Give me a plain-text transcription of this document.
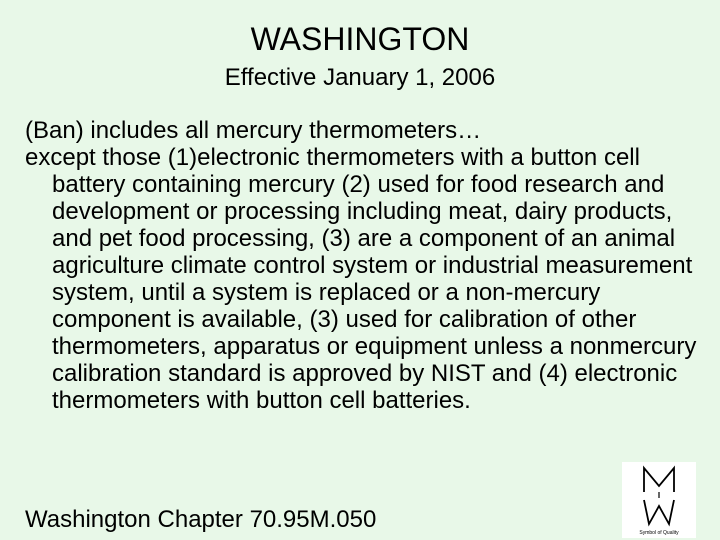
WASHINGTON
Effective January 1, 2006

(Ban) includes all mercury thermometers…

except those (1)electronic thermometers with a button cell battery containing mercury (2) used for food research and development or processing including meat, dairy products, and pet food processing, (3) are a component of an animal agriculture climate control system or industrial measurement system, until a system is replaced or a non-mercury component is available, (3) used for calibration of other thermometers, apparatus or equipment unless a nonmercury calibration standard is approved by NIST and (4) electronic thermometers with button cell batteries.

Washington Chapter 70.95M.050	Symbol of Quality
